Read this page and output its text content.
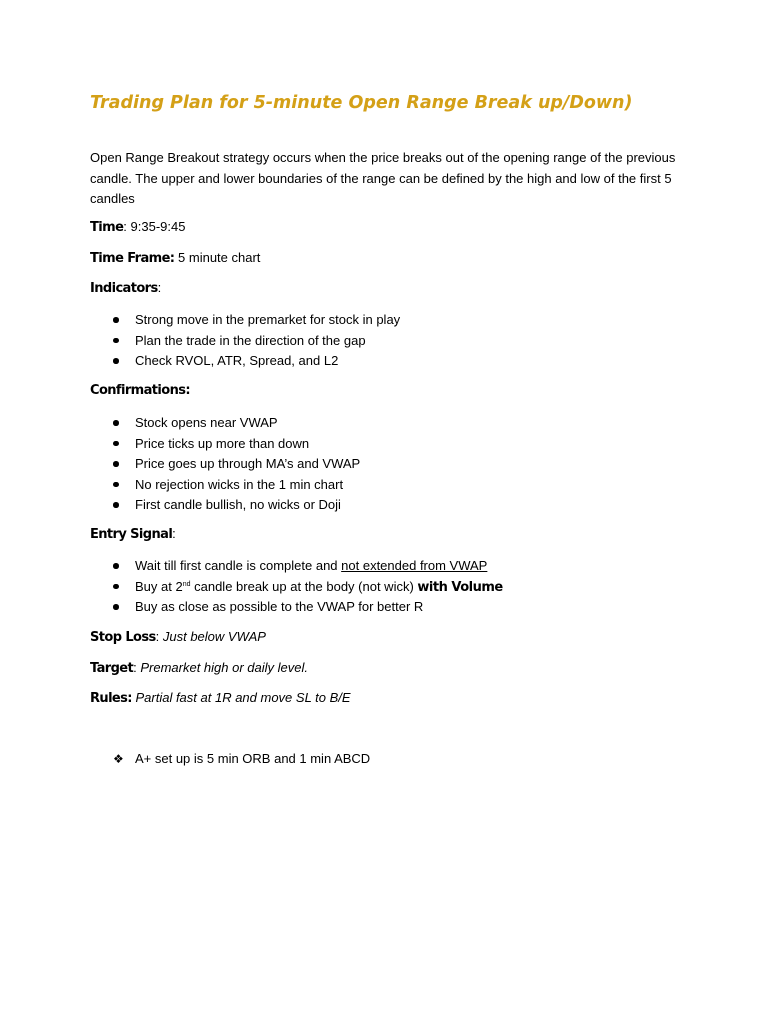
Trading Plan for 5-minute Open Range Break up/Down)

Open Range Breakout strategy occurs when the price breaks out of the opening range of the previous candle. The upper and lower boundaries of the range can be defined by the high and low of the first 5 candles

Time: 9:35-9:45

Time Frame: 5 minute chart

Indicators:

Strong move in the premarket for stock in play
Plan the trade in the direction of the gap
Check RVOL, ATR, Spread, and L2

Confirmations:

Stock opens near VWAP
Price ticks up more than down
Price goes up through MA’s and VWAP
No rejection wicks in the 1 min chart
First candle bullish, no wicks or Doji

Entry Signal:

Wait till first candle is complete and not extended from VWAP
Buy at 2nd candle break up at the body (not wick) with Volume
Buy as close as possible to the VWAP for better R

Stop Loss: Just below VWAP

Target: Premarket high or daily level.

Rules: Partial fast at 1R and move SL to B/E

❖ A+ set up is 5 min ORB and 1 min ABCD
